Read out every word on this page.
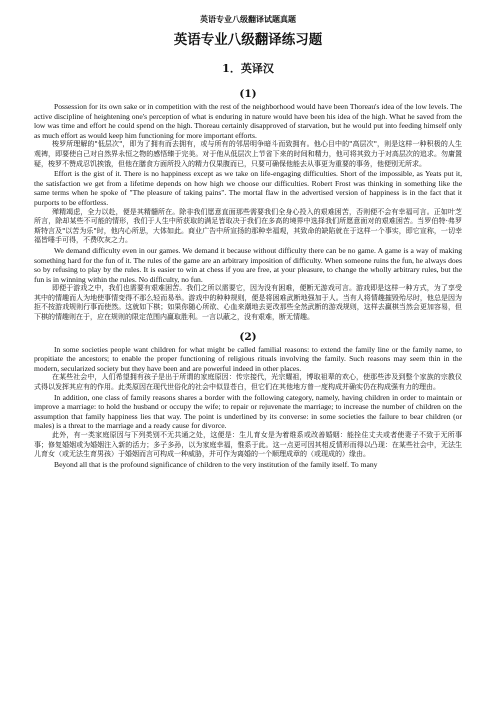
英语专业八级翻译试题真题
英语专业八级翻译练习题
1．英译汉
(1)

Possession for its own sake or in competition with the rest of the neighborhood would have been Thoreau's idea of the low levels. The active discipline of heightening one's perception of what is enduring in nature would have been his idea of the high. What he saved from the low was time and effort he could spend on the high. Thoreau certainly disapproved of starvation, but he would put into feeding himself only as much effort as would keep him functioning for more important efforts.

梭罗所理解的"低层次"，即为了拥有而去拥有，或与所有的邻居明争暗斗而致拥有。他心目中的"高层次"，则是这样一种积极的人生观裨，即要使自己对自然界永恒之物的感悟臻于完美。对于他从低层次上节省下来的时间和精力，他可将其致力于对高层次的追求。勿庸置疑，梭罗不赞成忍饥挨饿，但他在膳食方面所投入的精力仅果腹而已，只要可确保他能去从事更为重要的事务，他便别无所求。

Effort is the gist of it. There is no happiness except as we take on life-engaging difficulties. Short of the impossible, as Yeats put it, the satisfaction we get from a lifetime depends on how high we choose our difficulties. Robert Frost was thinking in something like the same terms when he spoke of "The pleasure of taking pains". The mortal flaw in the advertised version of happiness is in the fact that it purports to be effortless.

殚精竭虑，全力以赴，便是其精髓所在。除非我们愿意直面那些需要我们全身心投入的艰难困苦，否则便不会有幸福可言。正如叶芝所言，除却某些不可能的情形，我们于人生中所获取的满足皆取决于我们在多高的境界中选择我们所愿意面对的艰难困苦。当罗伯特·弗罗斯特言及"以苦为乐"时，他内心所思，大体如此。商业广告中所宣扬的那种幸福观，其致命的缺陷就在于这样一个事实，即它宣称，一切幸福皆唾手可得，不费吹灰之力。

We demand difficulty even in our games. We demand it because without difficulty there can be no game. A game is a way of making something hard for the fun of it. The rules of the game are an arbitrary imposition of difficulty. When someone ruins the fun, he always does so by refusing to play by the rules. It is easier to win at chess if you are free, at your pleasure, to change the wholly arbitrary rules, but the fun is in winning within the rules. No difficulty, no fun.

即便于游戏之中，我们也需要有艰难困苦。我们之所以需要它，因为没有困难，便断无游戏可言。游戏即是这样一种方式，为了享受其中的情趣而人为地使事情变得不那么轻而易举。游戏中的种种规则，便是将困难武断地强加于人。当有人将情趣摧毁殆尽时，他总是因为拒不按游戏规则行事而使然。这就如下棋；如果你随心所欲、心血来潮地去更改那些全然武断的游戏规则，这样去赢棋当然会更加容易，但下棋的情趣则在于，应在规则的限定范围内赢取胜利。一言以蔽之，没有艰难，断无情趣。

(2)

In some societies people want children for what might be called familial reasons: to extend the family line or the family name, to propitiate the ancestors; to enable the proper functioning of religious rituals involving the family. Such reasons may seem thin in the modern, secularized society but they have been and are powerful indeed in other places.

在某些社会中，人们希望拥有孩子是出于所谓的家庭原因：传宗接代，光宗耀祖，博取祖辈的欢心，使那些涉及到整个家族的宗教仪式得以发挥其应有的作用。此类原因在现代世俗化的社会中似显苍白，但它们在其他地方曾一度构成并确实仍在构成强有力的理由。

In addition, one class of family reasons shares a border with the following category, namely, having children in order to maintain or improve a marriage: to hold the husband or occupy the wife; to repair or rejuvenate the marriage; to increase the number of children on the assumption that family happiness lies that way. The point is underlined by its converse: in some societies the failure to bear children (or males) is a threat to the marriage and a ready cause for divorce.

此外，有一类家庭原因与下列类别不无共通之处，这便是：生儿育女是为着维系或改善婚姻：能拴住丈夫或者使妻子不致于无所事事；修复婚姻或为婚姻注入新的活力；多子多孙，以为家庭幸福，惟系于此。这一点更可因其相反情形而得以凸现：在某些社会中，无法生儿育女（或无法生育男孩）于婚姻而言可构成一种威胁，并可作为离婚的一个顺理成章的（或现成的）缘由。

Beyond all that is the profound significance of children to the very institution of the family itself. To many
